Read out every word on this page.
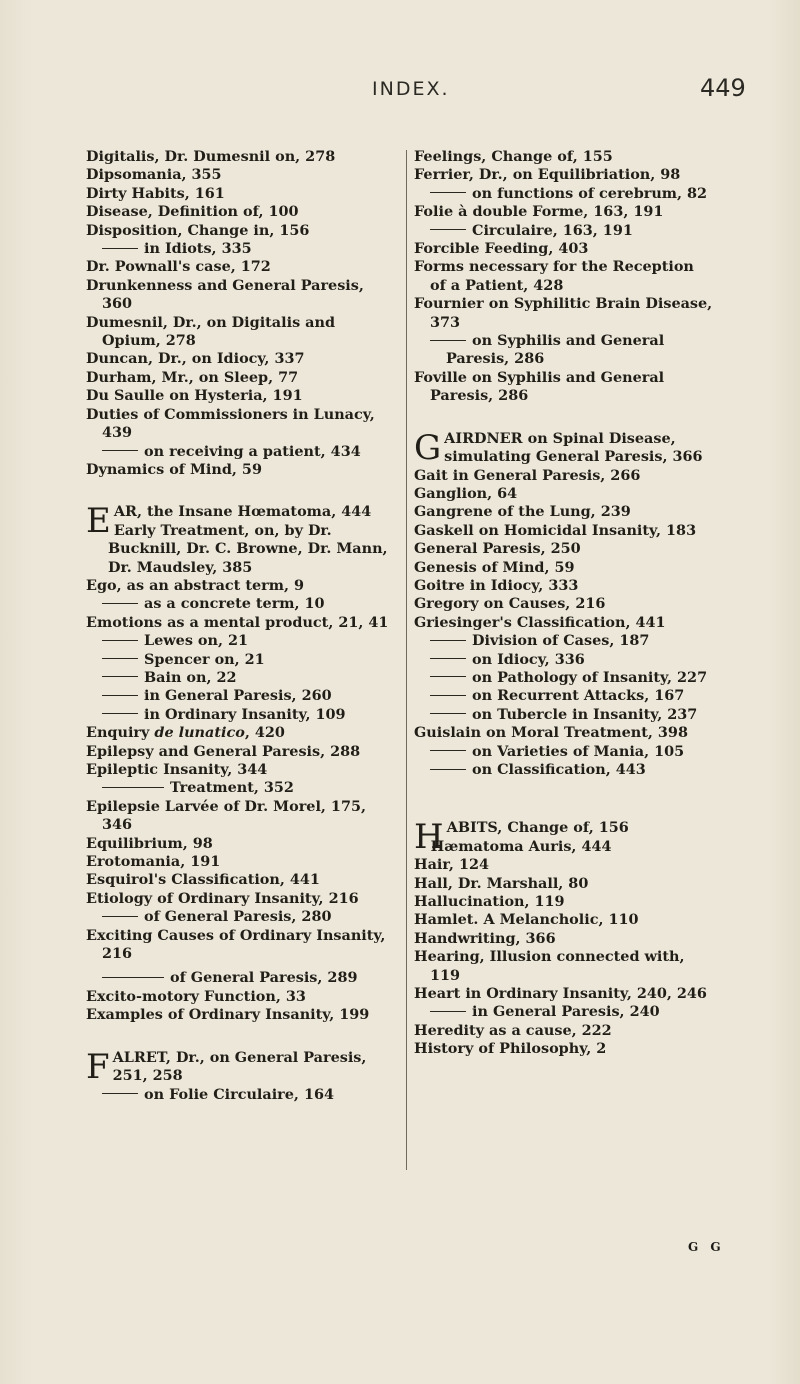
INDEX.	449
Digitalis, Dr. Dumesnil on, 278
Dipsomania, 355
Dirty Habits, 161
Disease, Definition of, 100
Disposition, Change in, 156
in Idiots, 335
Dr. Pownall's case, 172
Drunkenness and General Paresis, 360
Dumesnil, Dr., on Digitalis and Opium, 278
Duncan, Dr., on Idiocy, 337
Durham, Mr., on Sleep, 77
Du Saulle on Hysteria, 191
Duties of Commissioners in Lunacy, 439
on receiving a patient, 434
Dynamics of Mind, 59
E AR, the Insane Hœmatoma, 444
Early Treatment, on, by Dr. Bucknill, Dr. C. Browne, Dr. Mann, Dr. Maudsley, 385
Ego, as an abstract term, 9
as a concrete term, 10
Emotions as a mental product, 21, 41
Lewes on, 21
Spencer on, 21
Bain on, 22
in General Paresis, 260
in Ordinary Insanity, 109
Enquiry de lunatico, 420
Epilepsy and General Paresis, 288
Epileptic Insanity, 344
Treatment, 352
Epilepsie Larvée of Dr. Morel, 175, 346
Equilibrium, 98
Erotomania, 191
Esquirol's Classification, 441
Etiology of Ordinary Insanity, 216
of General Paresis, 280
Exciting Causes of Ordinary Insanity, 216
of General Paresis, 289
Excito-motory Function, 33
Examples of Ordinary Insanity, 199
F ALRET, Dr., on General Paresis, 251, 258
on Folie Circulaire, 164
Feelings, Change of, 155
Ferrier, Dr., on Equilibriation, 98
on functions of cerebrum, 82
Folie à double Forme, 163, 191
Circulaire, 163, 191
Forcible Feeding, 403
Forms necessary for the Reception of a Patient, 428
Fournier on Syphilitic Brain Disease, 373
on Syphilis and General Paresis, 286
Foville on Syphilis and General Paresis, 286
G AIRDNER on Spinal Disease, simulating General Paresis, 366
Gait in General Paresis, 266
Ganglion, 64
Gangrene of the Lung, 239
Gaskell on Homicidal Insanity, 183
General Paresis, 250
Genesis of Mind, 59
Goitre in Idiocy, 333
Gregory on Causes, 216
Griesinger's Classification, 441
Division of Cases, 187
on Idiocy, 336
on Pathology of Insanity, 227
on Recurrent Attacks, 167
on Tubercle in Insanity, 237
Guislain on Moral Treatment, 398
on Varieties of Mania, 105
on Classification, 443
H ABITS, Change of, 156
Hæmatoma Auris, 444
Hair, 124
Hall, Dr. Marshall, 80
Hallucination, 119
Hamlet. A Melancholic, 110
Handwriting, 366
Hearing, Illusion connected with, 119
Heart in Ordinary Insanity, 240, 246
in General Paresis, 240
Heredity as a cause, 222
History of Philosophy, 2
G G
